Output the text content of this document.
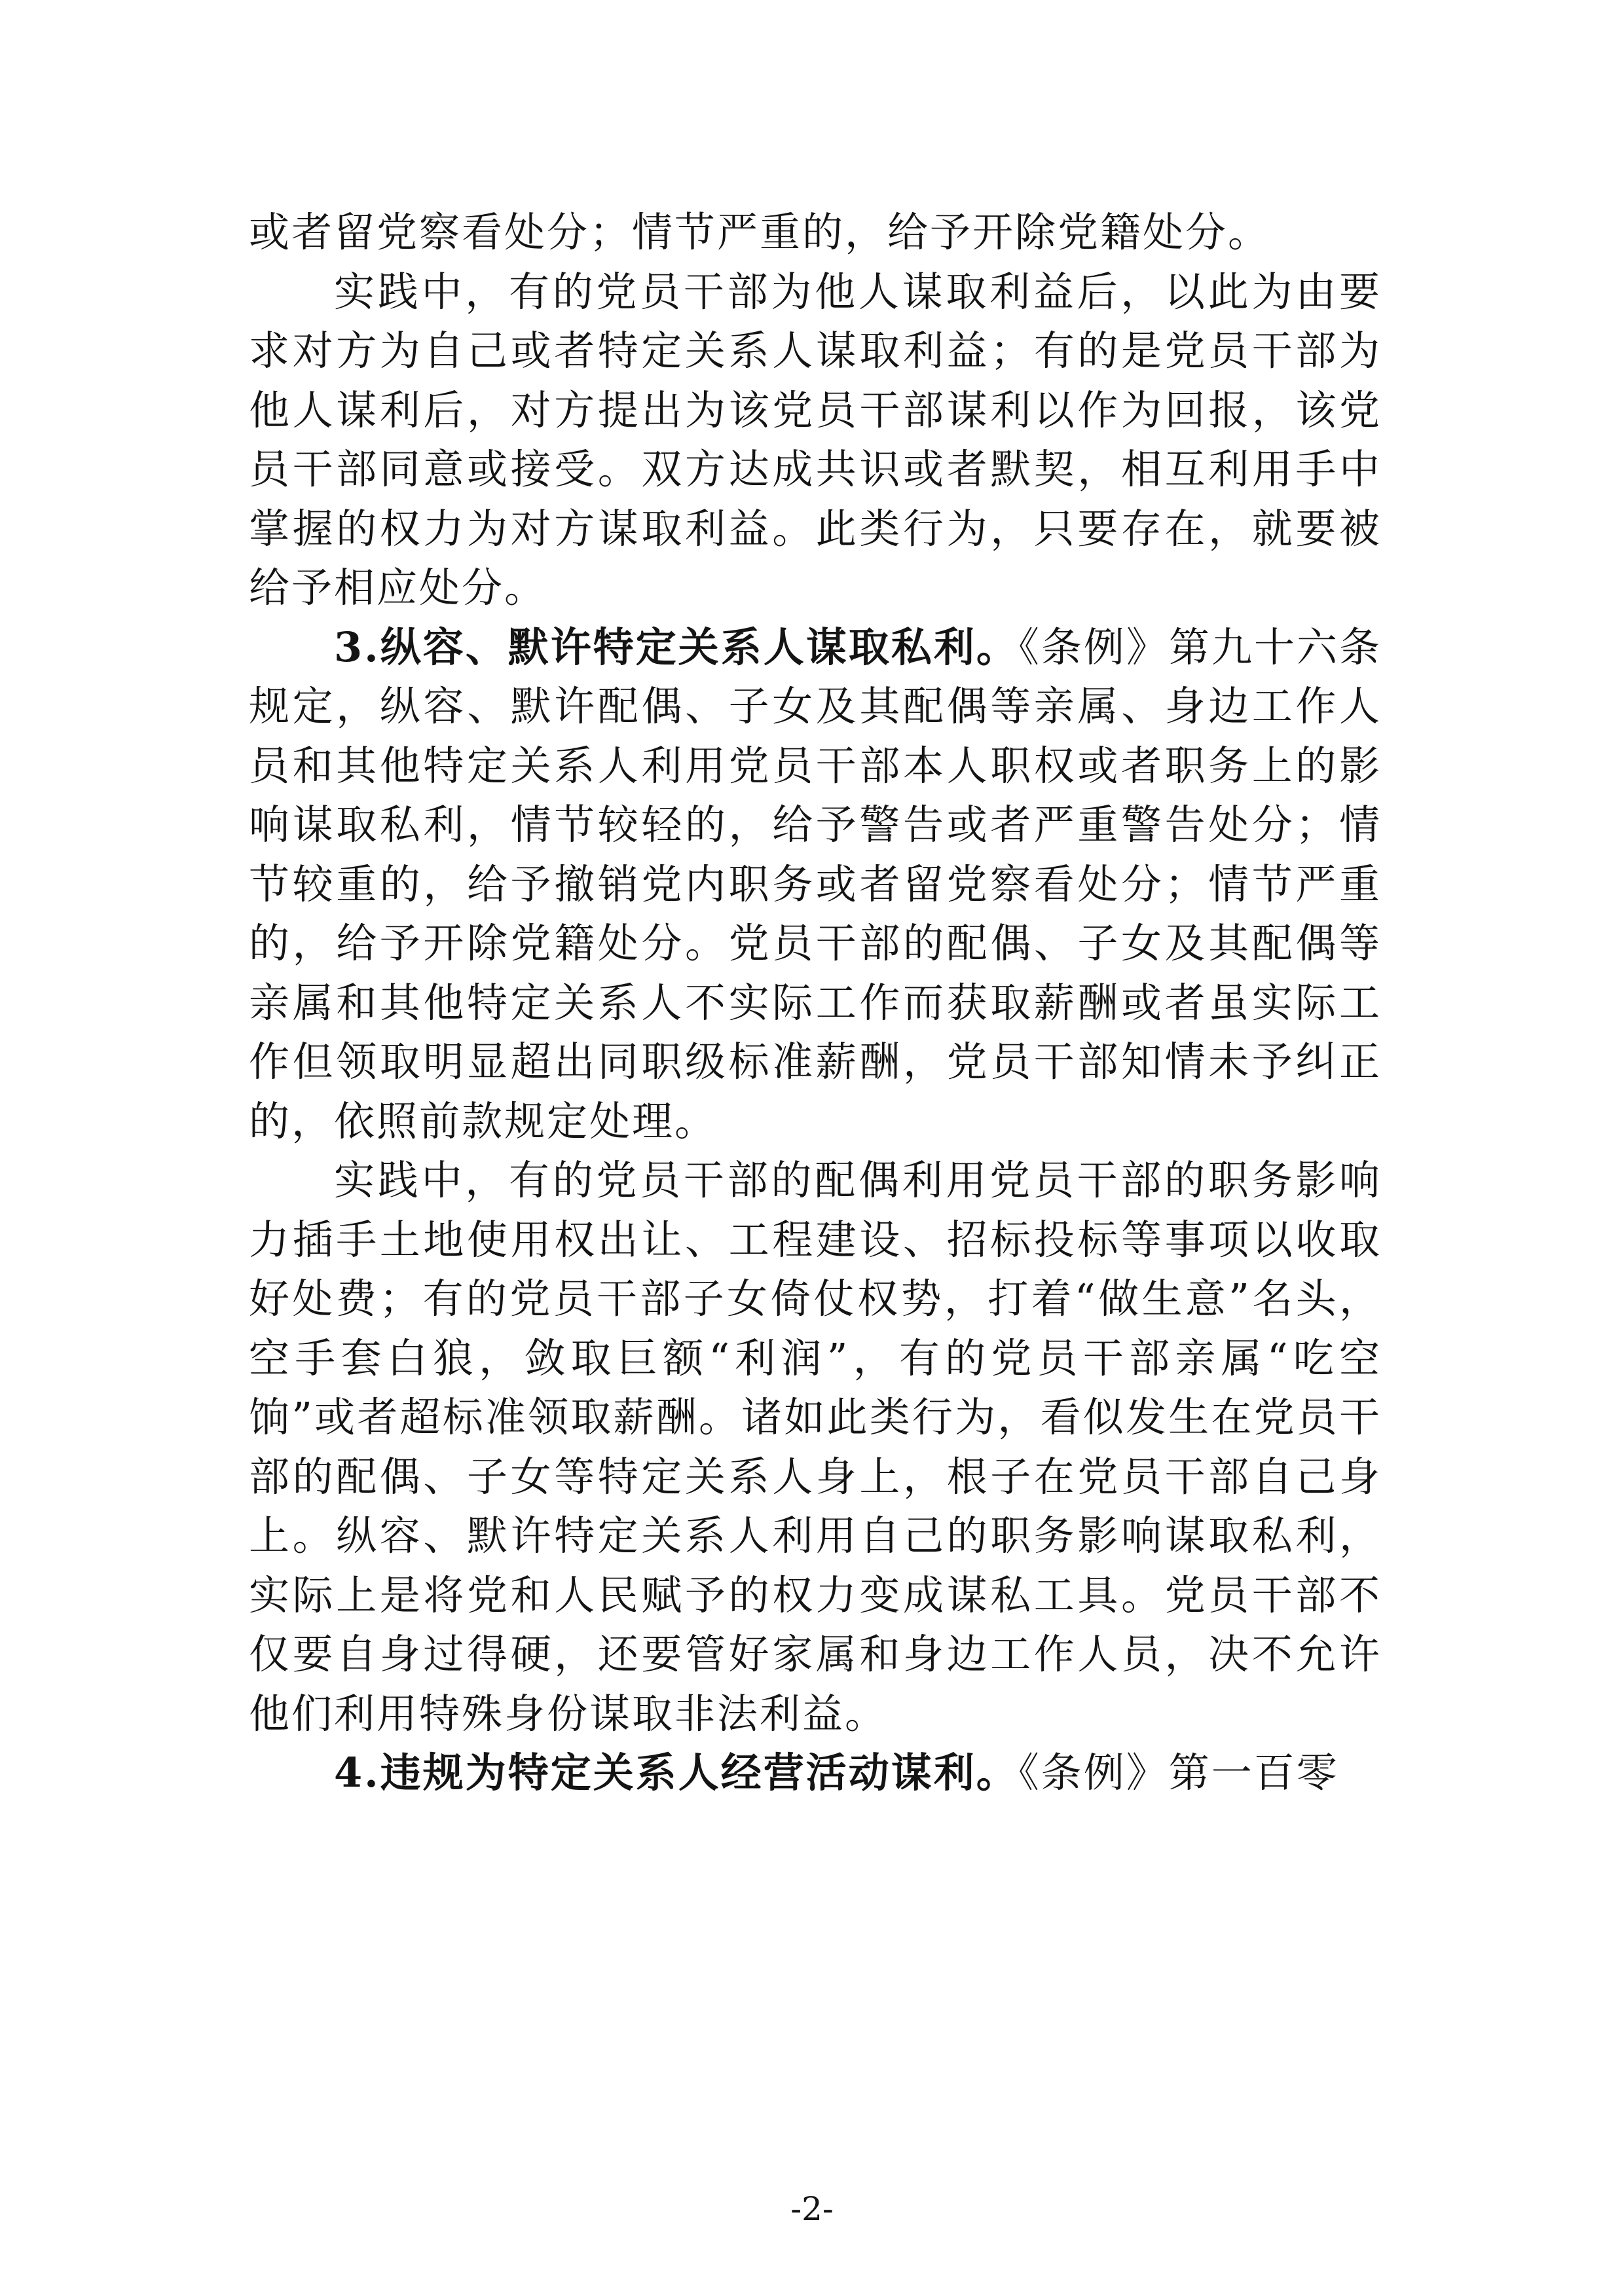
或者留党察看处分；情节严重的，给予开除党籍处分。

实践中，有的党员干部为他人谋取利益后，以此为由要求对方为自己或者特定关系人谋取利益；有的是党员干部为他人谋利后，对方提出为该党员干部谋利以作为回报，该党员干部同意或接受。双方达成共识或者默契，相互利用手中掌握的权力为对方谋取利益。此类行为，只要存在，就要被给予相应处分。

3.纵容、默许特定关系人谋取私利。《条例》第九十六条规定，纵容、默许配偶、子女及其配偶等亲属、身边工作人员和其他特定关系人利用党员干部本人职权或者职务上的影响谋取私利，情节较轻的，给予警告或者严重警告处分；情节较重的，给予撤销党内职务或者留党察看处分；情节严重的，给予开除党籍处分。党员干部的配偶、子女及其配偶等亲属和其他特定关系人不实际工作而获取薪酬或者虽实际工作但领取明显超出同职级标准薪酬，党员干部知情未予纠正的，依照前款规定处理。

实践中，有的党员干部的配偶利用党员干部的职务影响力插手土地使用权出让、工程建设、招标投标等事项以收取好处费；有的党员干部子女倚仗权势，打着“做生意”名头，空手套白狼，敛取巨额“利润”，有的党员干部亲属“吃空饷”或者超标准领取薪酬。诸如此类行为，看似发生在党员干部的配偶、子女等特定关系人身上，根子在党员干部自己身上。纵容、默许特定关系人利用自己的职务影响谋取私利，实际上是将党和人民赋予的权力变成谋私工具。党员干部不仅要自身过得硬，还要管好家属和身边工作人员，决不允许他们利用特殊身份谋取非法利益。

4.违规为特定关系人经营活动谋利。《条例》第一百零

-2-
